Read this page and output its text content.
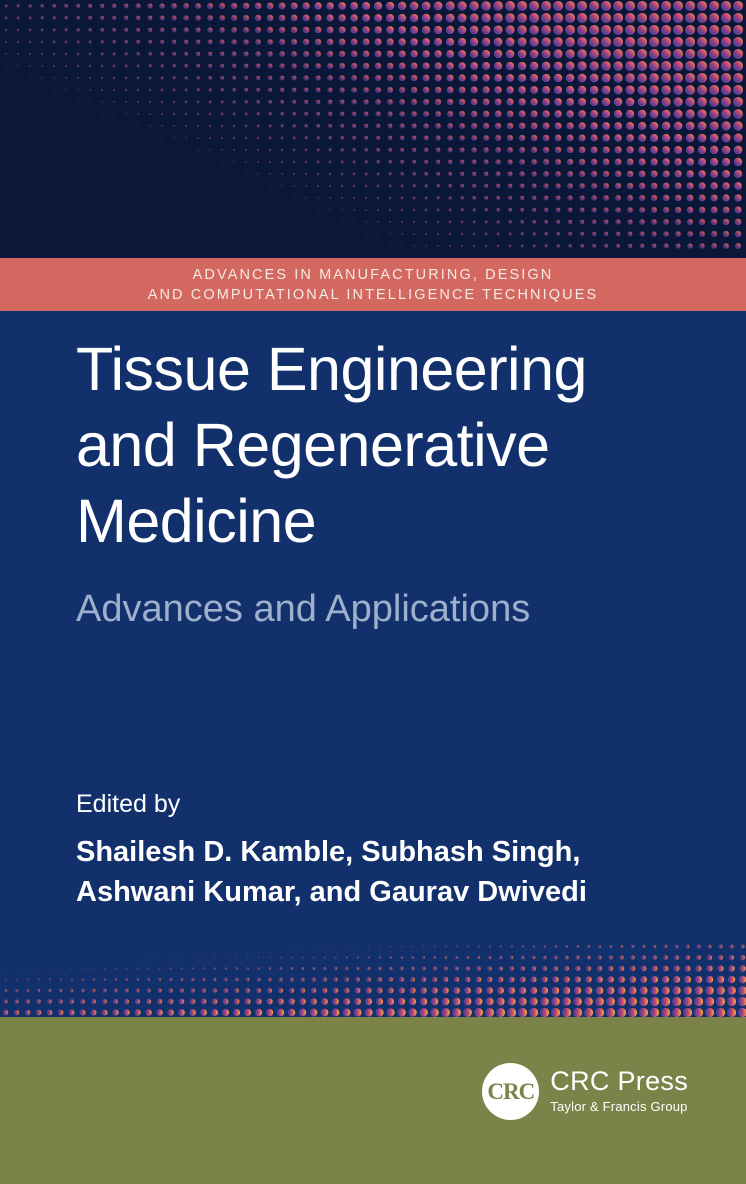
ADVANCES IN MANUFACTURING, DESIGN
AND COMPUTATIONAL INTELLIGENCE TECHNIQUES
Tissue Engineering and Regenerative Medicine
Advances and Applications
Edited by
Shailesh D. Kamble, Subhash Singh,
Ashwani Kumar, and Gaurav Dwivedi
CRC CRC Press
Taylor & Francis Group
